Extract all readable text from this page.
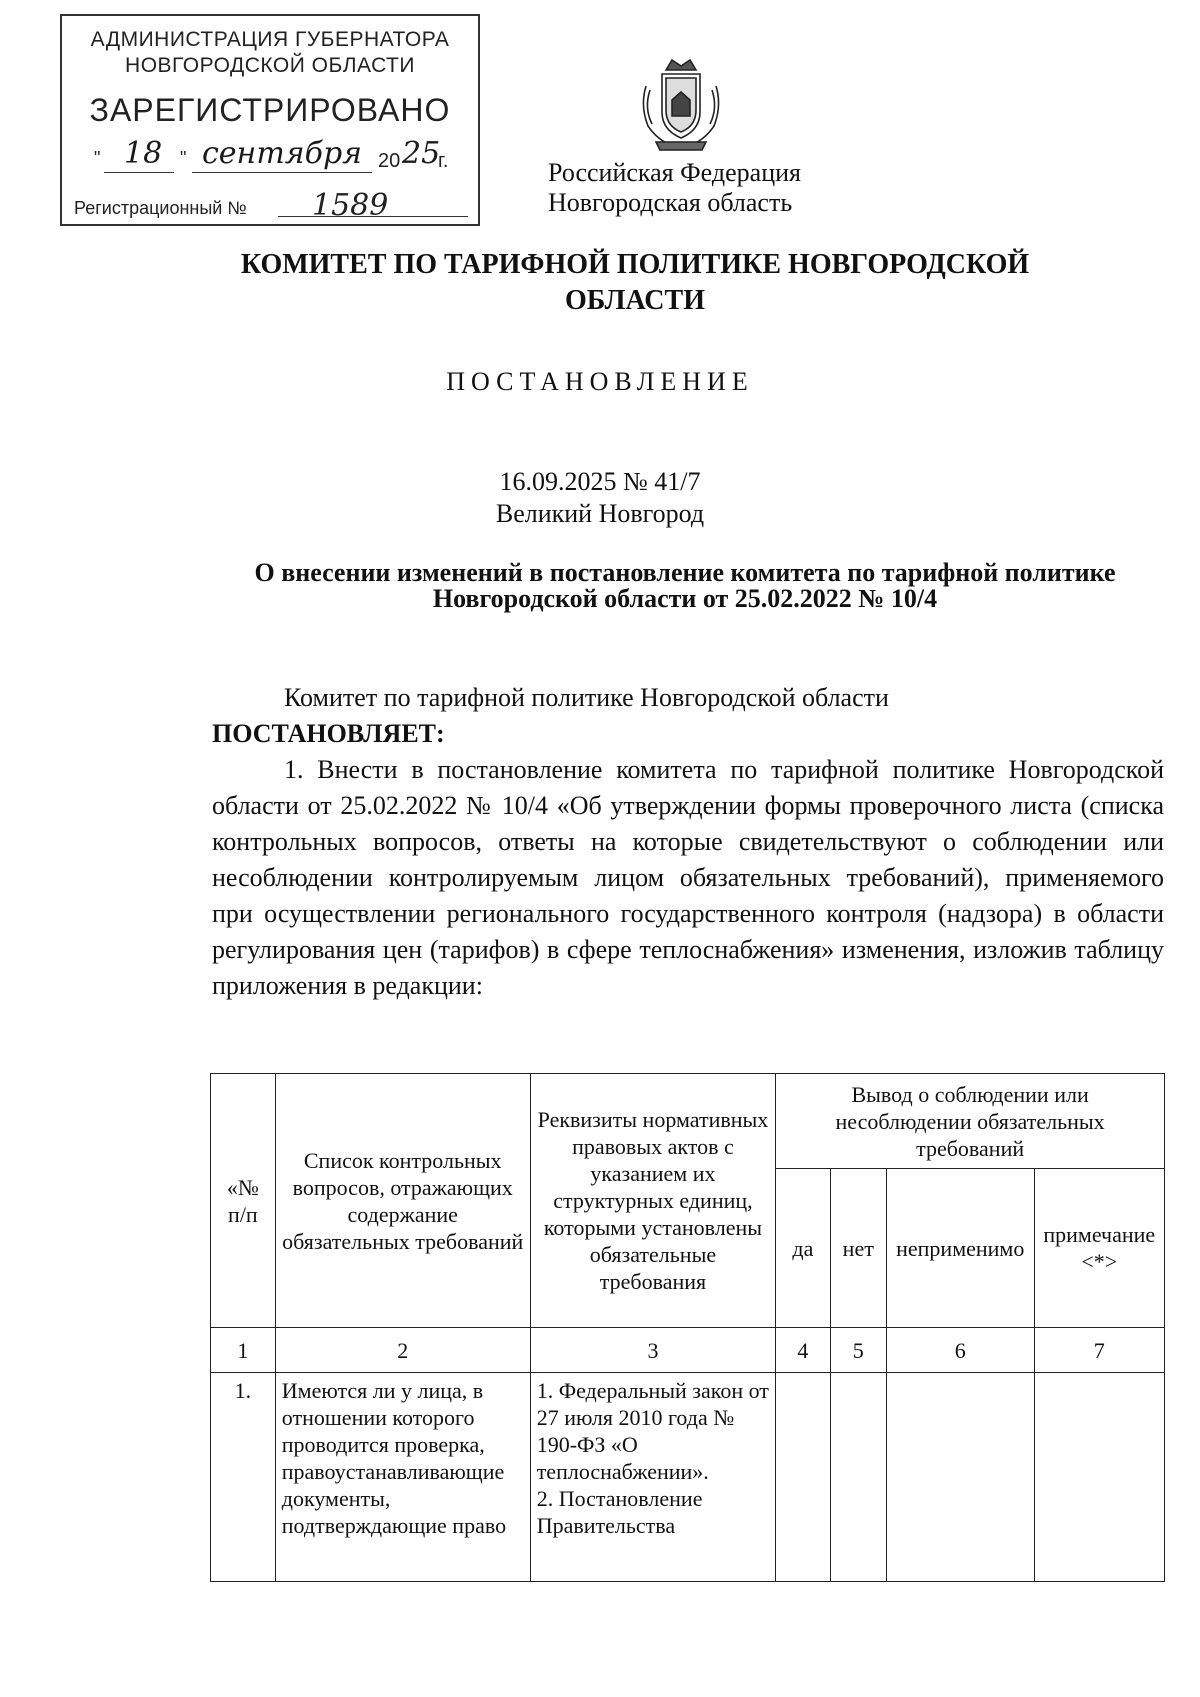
АДМИНИСТРАЦИЯ ГУБЕРНАТОРА
НОВГОРОДСКОЙ ОБЛАСТИ
ЗАРЕГИСТРИРОВАНО
" 18 " сентября 20 25
г.
Регистрационный № 1589
Российская Федерация
Новгородская область
КОМИТЕТ ПО ТАРИФНОЙ ПОЛИТИКЕ НОВГОРОДСКОЙ ОБЛАСТИ
ПОСТАНОВЛЕНИЕ
16.09.2025 № 41/7
Великий Новгород
О внесении изменений в постановление комитета по тарифной политике Новгородской области от 25.02.2022 № 10/4

Комитет по тарифной политике Новгородской области

ПОСТАНОВЛЯЕТ:

1. Внести в постановление комитета по тарифной политике Новгородской области от 25.02.2022 № 10/4 «Об утверждении формы проверочного листа (списка контрольных вопросов, ответы на которые свидетельствуют о соблюдении или несоблюдении контролируемым лицом обязательных требований), применяемого при осуществлении регионального государственного контроля (надзора) в области регулирования цен (тарифов) в сфере теплоснабжения» изменения, изложив таблицу приложения в редакции:

«№ п/п	Список контрольных вопросов, отражающих содержание обязательных требований	Реквизиты нормативных правовых актов с указанием их структурных единиц, которыми установлены обязательные требования	Вывод о соблюдении или несоблюдении обязательных требований			
			да	нет	неприменимо	примечание <*>
1	2	3	4	5	6	7
1.	Имеются ли у лица, в отношении которого проводится проверка, правоустанавливающие документы, подтверждающие право	1. Федеральный закон от 27 июля 2010 года № 190-ФЗ «О теплоснабжении».
2. Постановление Правительства				
